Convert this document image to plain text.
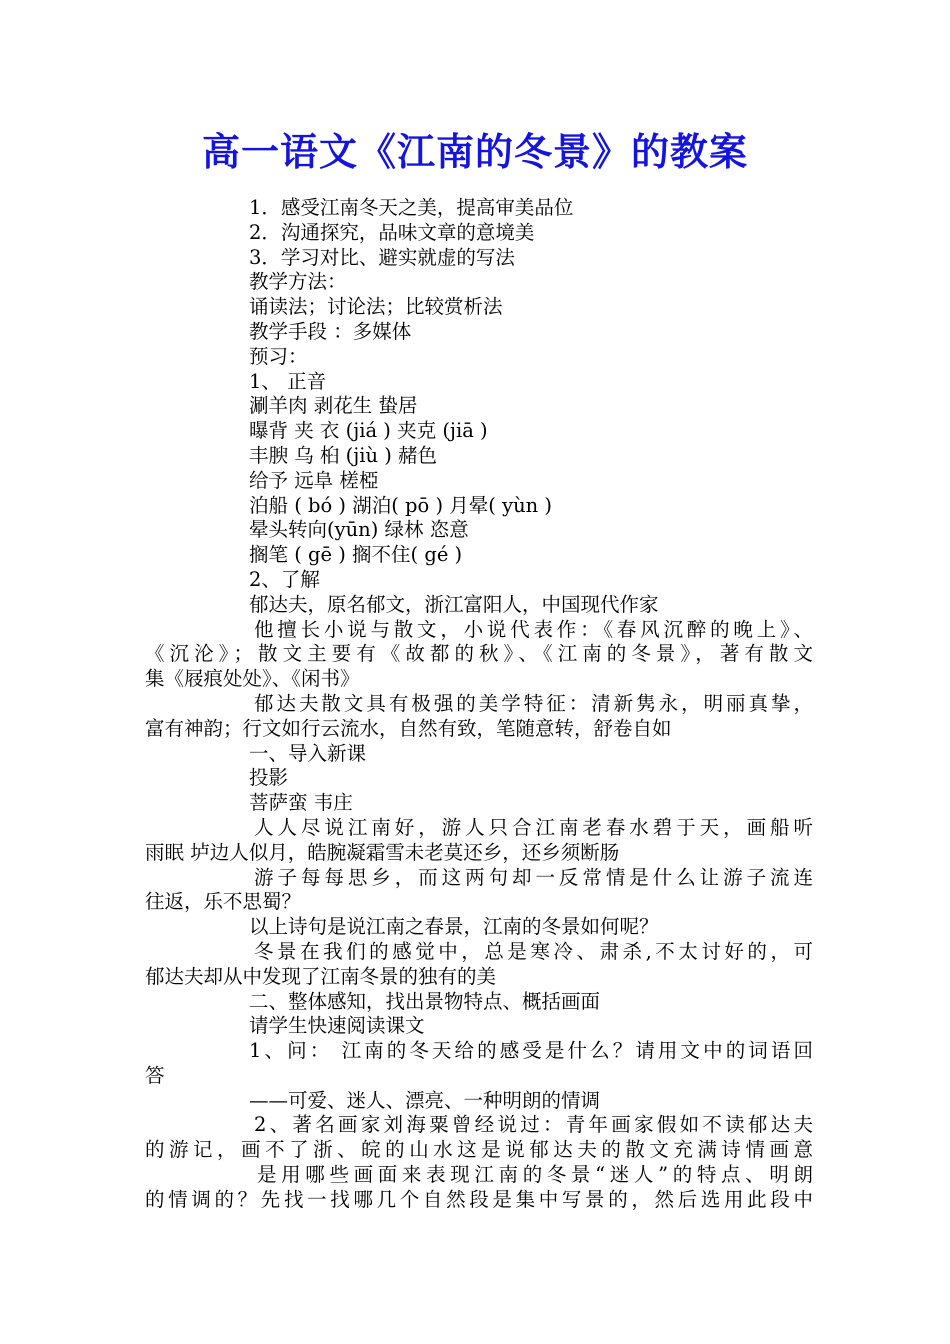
高一语文《江南的冬景》的教案
1．感受江南冬天之美，提高审美品位
2．沟通探究，品味文章的意境美
3．学习对比、避实就虚的写法
教学方法：
诵读法；讨论法；比较赏析法
教学手段 ：多媒体
预习：
1、 正音
涮羊肉 剥花生 蛰居
曝背 夹 衣 (jiá ) 夹克 (jiā )
丰腴 乌 桕 (jiù ) 赭色
给予 远阜 槎椏
泊船 ( bó ) 湖泊( pō ) 月晕( yùn )
晕头转向(yūn) 绿林 恣意
搁笔 ( gē ) 搁不住( gé )
2、了解
郁达夫，原名郁文，浙江富阳人，中国现代作家
他擅长小说与散文，小说代表作：《春风沉醉的晚上》、
《沉沦》；散文主要有《故都的秋》、《江南的冬景》，著有散文
集《屐痕处处》、《闲书》
郁达夫散文具有极强的美学特征：清新隽永，明丽真挚，
富有神韵；行文如行云流水，自然有致，笔随意转，舒卷自如
一、导入新课
投影
菩萨蛮 韦庄
人人尽说江南好，游人只合江南老春水碧于天，画船听
雨眠 垆边人似月，皓腕凝霜雪未老莫还乡，还乡须断肠
游子每每思乡，而这两句却一反常情是什么让游子流连
往返，乐不思蜀？
以上诗句是说江南之春景，江南的冬景如何呢？
冬景在我们的感觉中，总是寒冷、肃杀,不太讨好的，可
郁达夫却从中发现了江南冬景的独有的美
二、整体感知，找出景物特点、概括画面
请学生快速阅读课文
1、问： 江南的冬天给的感受是什么？请用文中的词语回
答
——可爱、迷人、漂亮、一种明朗的情调
2、著名画家刘海粟曾经说过：青年画家假如不读郁达夫
的游记，画不了浙、皖的山水这是说郁达夫的散文充满诗情画意
是用哪些画面来表现江南的冬景“迷人”的特点、明朗
的情调的？先找一找哪几个自然段是集中写景的，然后选用此段中
